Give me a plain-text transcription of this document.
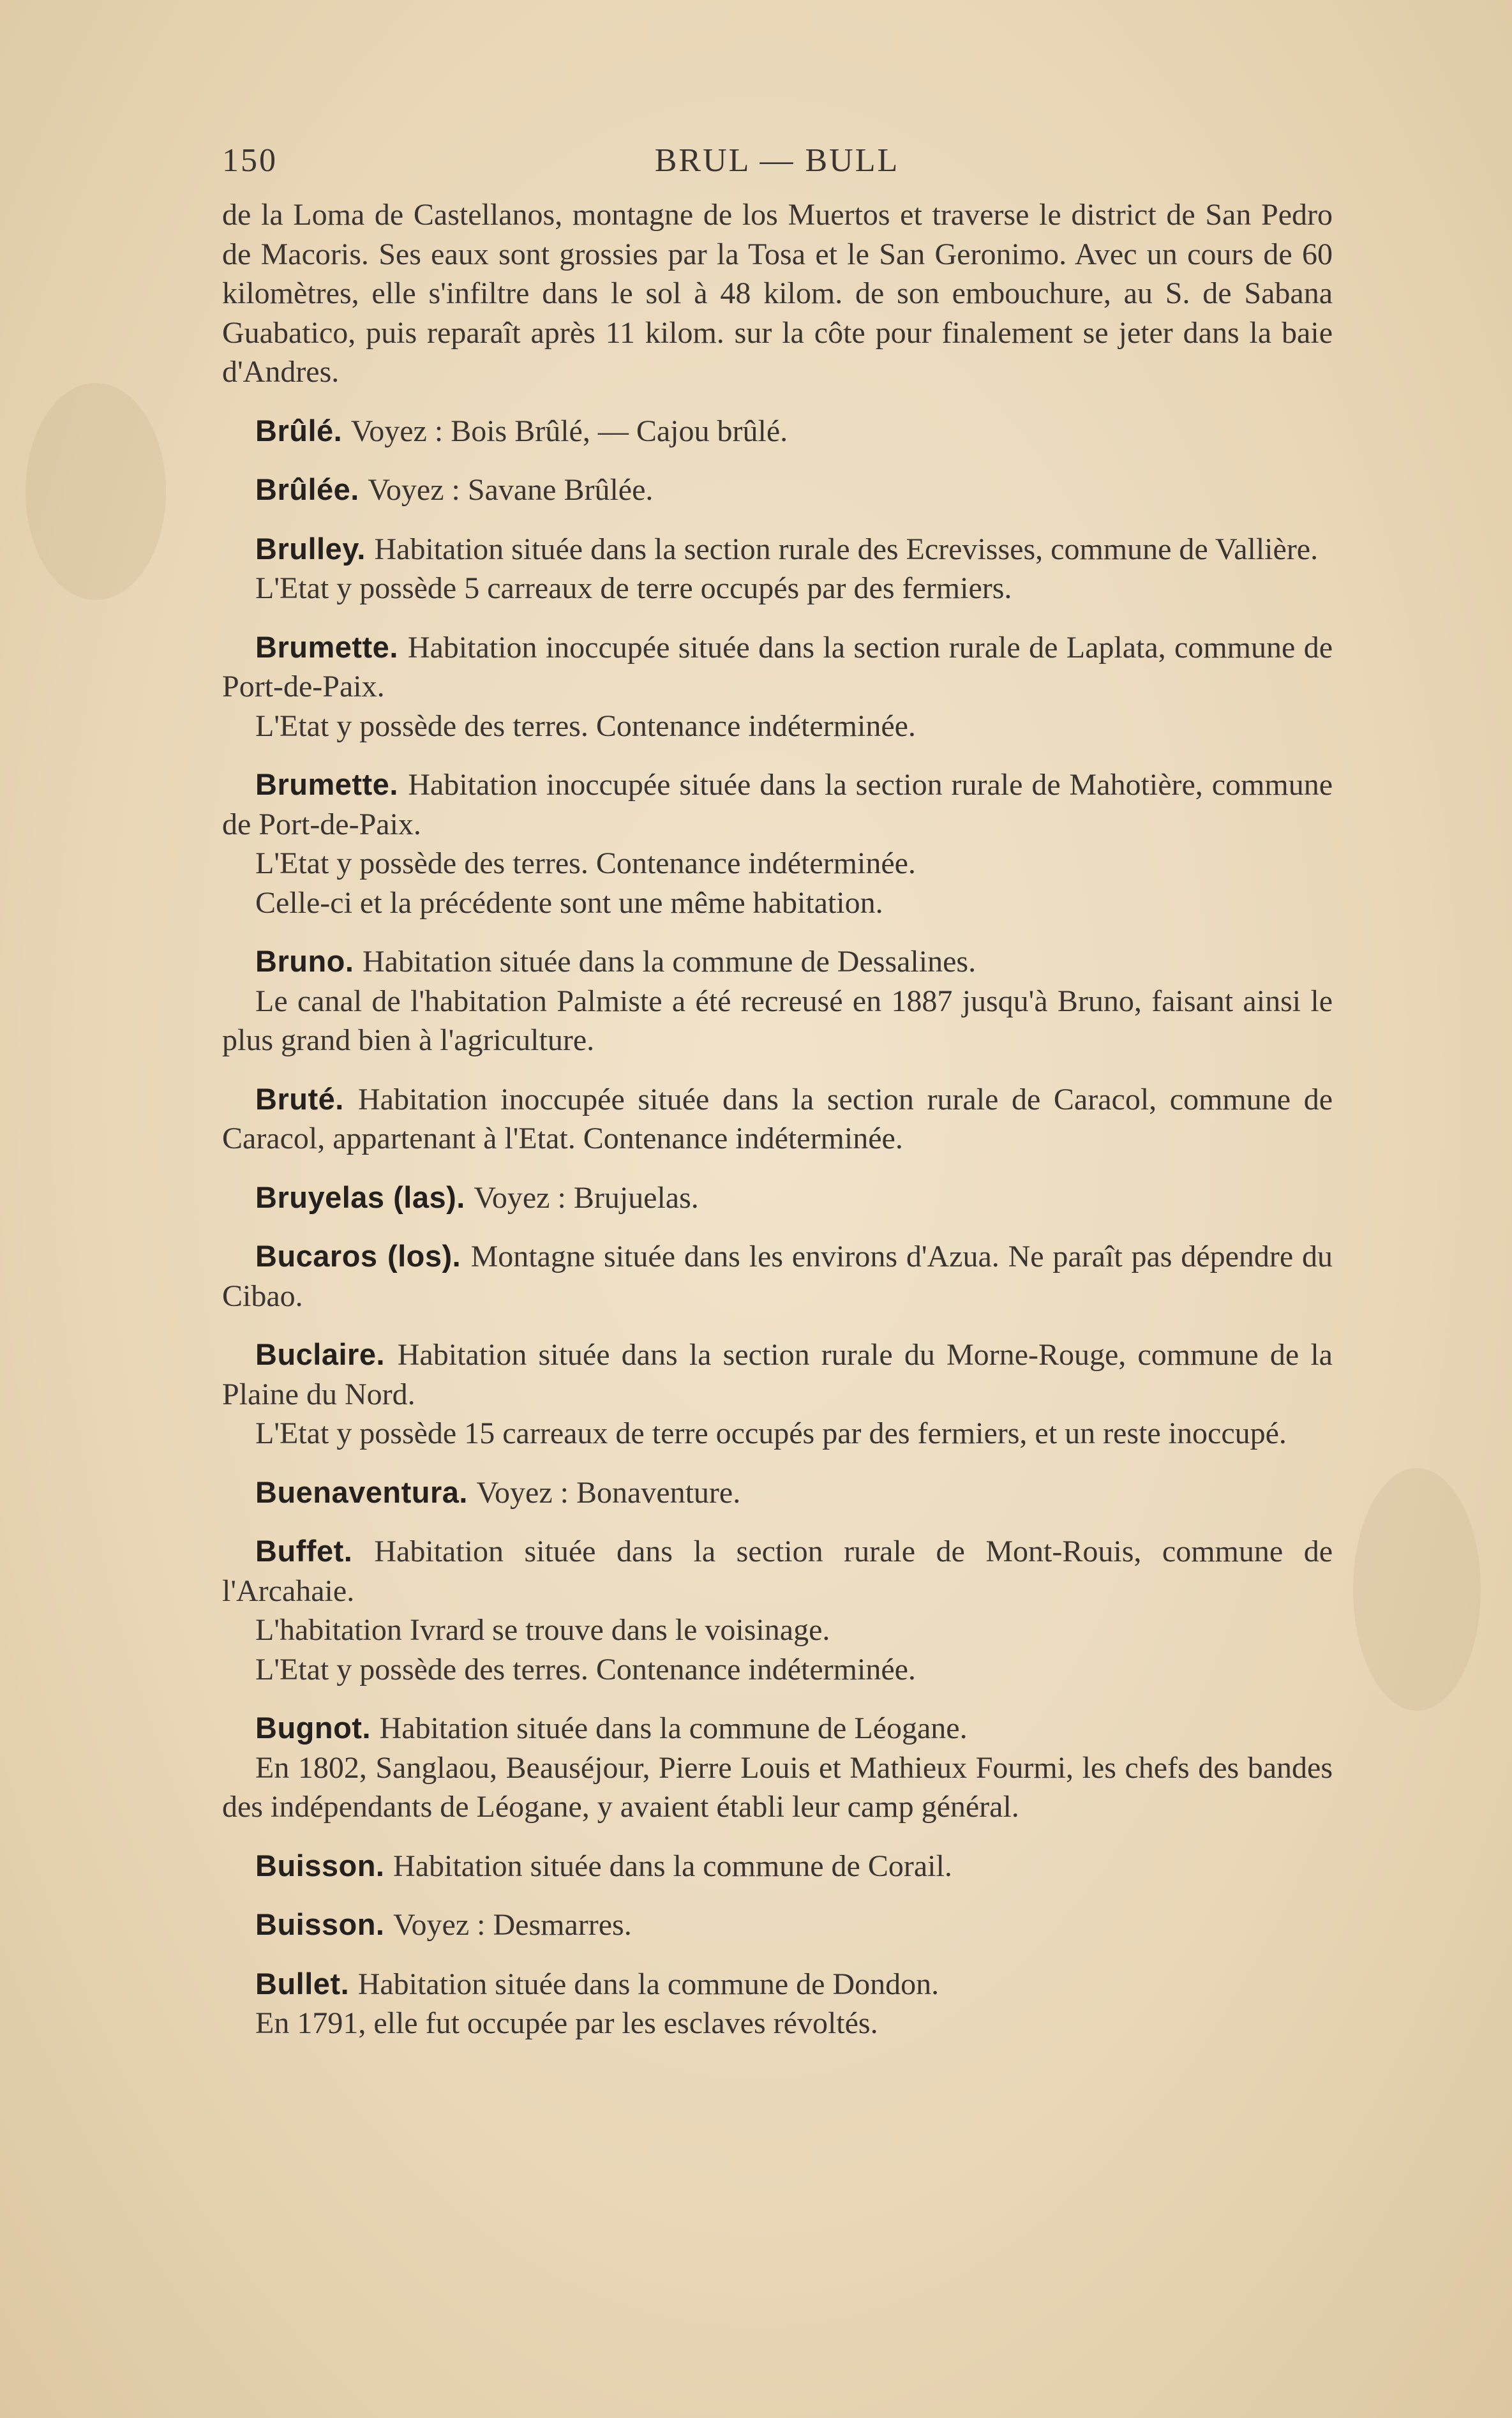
150	BRUL — BULL

de la Loma de Castellanos, montagne de los Muertos et traverse le district de San Pedro de Macoris. Ses eaux sont grossies par la Tosa et le San Geronimo. Avec un cours de 60 kilomètres, elle s'infiltre dans le sol à 48 kilom. de son embouchure, au S. de Sabana Guabatico, puis reparaît après 11 kilom. sur la côte pour finalement se jeter dans la baie d'Andres.

Brûlé. Voyez : Bois Brûlé, — Cajou brûlé.

Brûlée. Voyez : Savane Brûlée.

Brulley. Habitation située dans la section rurale des Ecrevisses, commune de Vallière.

L'Etat y possède 5 carreaux de terre occupés par des fermiers.

Brumette. Habitation inoccupée située dans la section rurale de Laplata, commune de Port-de-Paix.

L'Etat y possède des terres. Contenance indéterminée.

Brumette. Habitation inoccupée située dans la section rurale de Mahotière, commune de Port-de-Paix.

L'Etat y possède des terres. Contenance indéterminée.

Celle-ci et la précédente sont une même habitation.

Bruno. Habitation située dans la commune de Dessalines.

Le canal de l'habitation Palmiste a été recreusé en 1887 jusqu'à Bruno, faisant ainsi le plus grand bien à l'agriculture.

Bruté. Habitation inoccupée située dans la section rurale de Caracol, commune de Caracol, appartenant à l'Etat. Contenance indéterminée.

Bruyelas (las). Voyez : Brujuelas.

Bucaros (los). Montagne située dans les environs d'Azua. Ne paraît pas dépendre du Cibao.

Buclaire. Habitation située dans la section rurale du Morne-Rouge, commune de la Plaine du Nord.

L'Etat y possède 15 carreaux de terre occupés par des fermiers, et un reste inoccupé.

Buenaventura. Voyez : Bonaventure.

Buffet. Habitation située dans la section rurale de Mont-Rouis, commune de l'Arcahaie.

L'habitation Ivrard se trouve dans le voisinage.

L'Etat y possède des terres. Contenance indéterminée.

Bugnot. Habitation située dans la commune de Léogane.

En 1802, Sanglaou, Beauséjour, Pierre Louis et Mathieux Fourmi, les chefs des bandes des indépendants de Léogane, y avaient établi leur camp général.

Buisson. Habitation située dans la commune de Corail.

Buisson. Voyez : Desmarres.

Bullet. Habitation située dans la commune de Dondon.

En 1791, elle fut occupée par les esclaves révoltés.
